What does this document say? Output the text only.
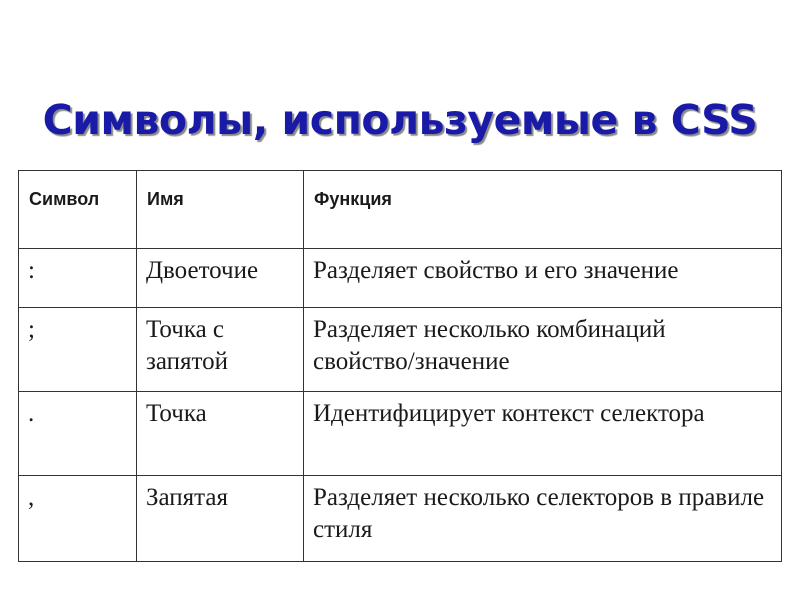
Символы, используемые в CSS
Символ	Имя	Функция
:	Двоеточие	Разделяет свойство и его значение
;	Точка с запятой	Разделяет несколько комбинаций свойство/значение
.	Точка	Идентифицирует контекст селектора
,	Запятая	Разделяет несколько селекторов в правиле стиля
